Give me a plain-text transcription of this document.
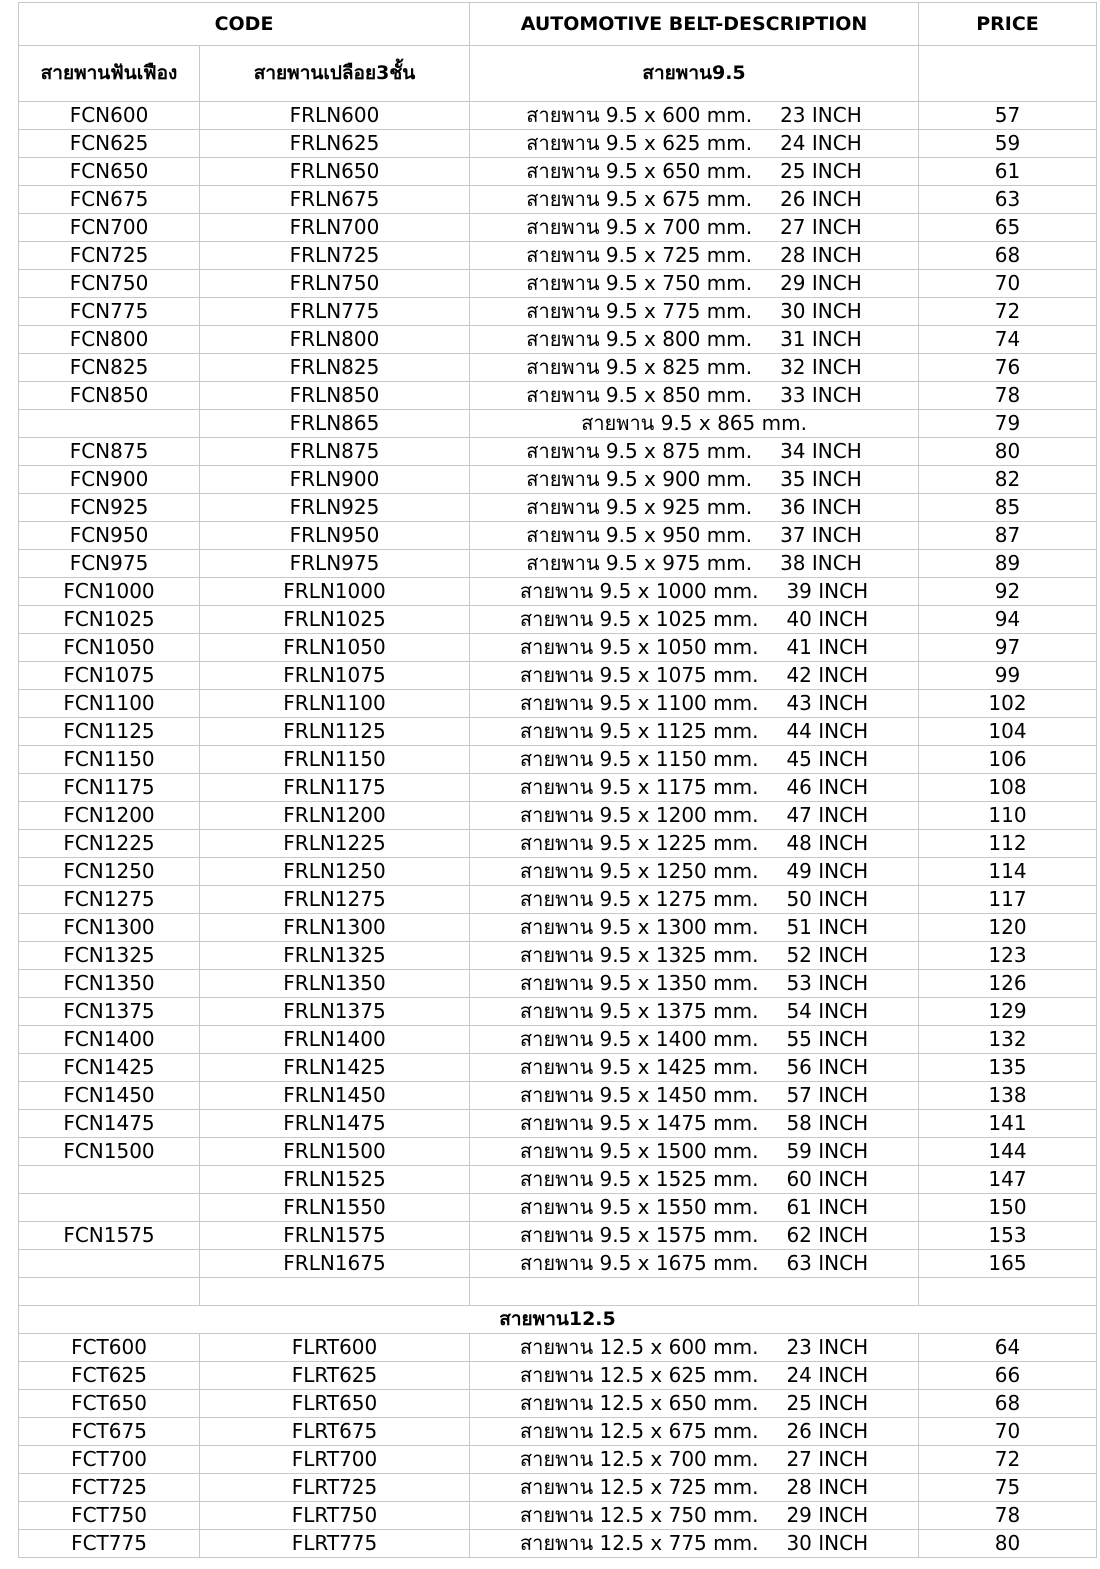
CODE		AUTOMOTIVE BELT-DESCRIPTION	PRICE
สายพานฟันเฟือง	สายพานเปลือย3ชั้น	สายพาน9.5	
FCN600	FRLN600	สายพาน 9.5 x 600 mm. 23 INCH	57
FCN625	FRLN625	สายพาน 9.5 x 625 mm. 24 INCH	59
FCN650	FRLN650	สายพาน 9.5 x 650 mm. 25 INCH	61
FCN675	FRLN675	สายพาน 9.5 x 675 mm. 26 INCH	63
FCN700	FRLN700	สายพาน 9.5 x 700 mm. 27 INCH	65
FCN725	FRLN725	สายพาน 9.5 x 725 mm. 28 INCH	68
FCN750	FRLN750	สายพาน 9.5 x 750 mm. 29 INCH	70
FCN775	FRLN775	สายพาน 9.5 x 775 mm. 30 INCH	72
FCN800	FRLN800	สายพาน 9.5 x 800 mm. 31 INCH	74
FCN825	FRLN825	สายพาน 9.5 x 825 mm. 32 INCH	76
FCN850	FRLN850	สายพาน 9.5 x 850 mm. 33 INCH	78
	FRLN865	สายพาน 9.5 x 865 mm.	79
FCN875	FRLN875	สายพาน 9.5 x 875 mm. 34 INCH	80
FCN900	FRLN900	สายพาน 9.5 x 900 mm. 35 INCH	82
FCN925	FRLN925	สายพาน 9.5 x 925 mm. 36 INCH	85
FCN950	FRLN950	สายพาน 9.5 x 950 mm. 37 INCH	87
FCN975	FRLN975	สายพาน 9.5 x 975 mm. 38 INCH	89
FCN1000	FRLN1000	สายพาน 9.5 x 1000 mm. 39 INCH	92
FCN1025	FRLN1025	สายพาน 9.5 x 1025 mm. 40 INCH	94
FCN1050	FRLN1050	สายพาน 9.5 x 1050 mm. 41 INCH	97
FCN1075	FRLN1075	สายพาน 9.5 x 1075 mm. 42 INCH	99
FCN1100	FRLN1100	สายพาน 9.5 x 1100 mm. 43 INCH	102
FCN1125	FRLN1125	สายพาน 9.5 x 1125 mm. 44 INCH	104
FCN1150	FRLN1150	สายพาน 9.5 x 1150 mm. 45 INCH	106
FCN1175	FRLN1175	สายพาน 9.5 x 1175 mm. 46 INCH	108
FCN1200	FRLN1200	สายพาน 9.5 x 1200 mm. 47 INCH	110
FCN1225	FRLN1225	สายพาน 9.5 x 1225 mm. 48 INCH	112
FCN1250	FRLN1250	สายพาน 9.5 x 1250 mm. 49 INCH	114
FCN1275	FRLN1275	สายพาน 9.5 x 1275 mm. 50 INCH	117
FCN1300	FRLN1300	สายพาน 9.5 x 1300 mm. 51 INCH	120
FCN1325	FRLN1325	สายพาน 9.5 x 1325 mm. 52 INCH	123
FCN1350	FRLN1350	สายพาน 9.5 x 1350 mm. 53 INCH	126
FCN1375	FRLN1375	สายพาน 9.5 x 1375 mm. 54 INCH	129
FCN1400	FRLN1400	สายพาน 9.5 x 1400 mm. 55 INCH	132
FCN1425	FRLN1425	สายพาน 9.5 x 1425 mm. 56 INCH	135
FCN1450	FRLN1450	สายพาน 9.5 x 1450 mm. 57 INCH	138
FCN1475	FRLN1475	สายพาน 9.5 x 1475 mm. 58 INCH	141
FCN1500	FRLN1500	สายพาน 9.5 x 1500 mm. 59 INCH	144
	FRLN1525	สายพาน 9.5 x 1525 mm. 60 INCH	147
	FRLN1550	สายพาน 9.5 x 1550 mm. 61 INCH	150
FCN1575	FRLN1575	สายพาน 9.5 x 1575 mm. 62 INCH	153
	FRLN1675	สายพาน 9.5 x 1675 mm. 63 INCH	165

สายพาน12.5			
FCT600	FLRT600	สายพาน 12.5 x 600 mm. 23 INCH	64
FCT625	FLRT625	สายพาน 12.5 x 625 mm. 24 INCH	66
FCT650	FLRT650	สายพาน 12.5 x 650 mm. 25 INCH	68
FCT675	FLRT675	สายพาน 12.5 x 675 mm. 26 INCH	70
FCT700	FLRT700	สายพาน 12.5 x 700 mm. 27 INCH	72
FCT725	FLRT725	สายพาน 12.5 x 725 mm. 28 INCH	75
FCT750	FLRT750	สายพาน 12.5 x 750 mm. 29 INCH	78
FCT775	FLRT775	สายพาน 12.5 x 775 mm. 30 INCH	80
